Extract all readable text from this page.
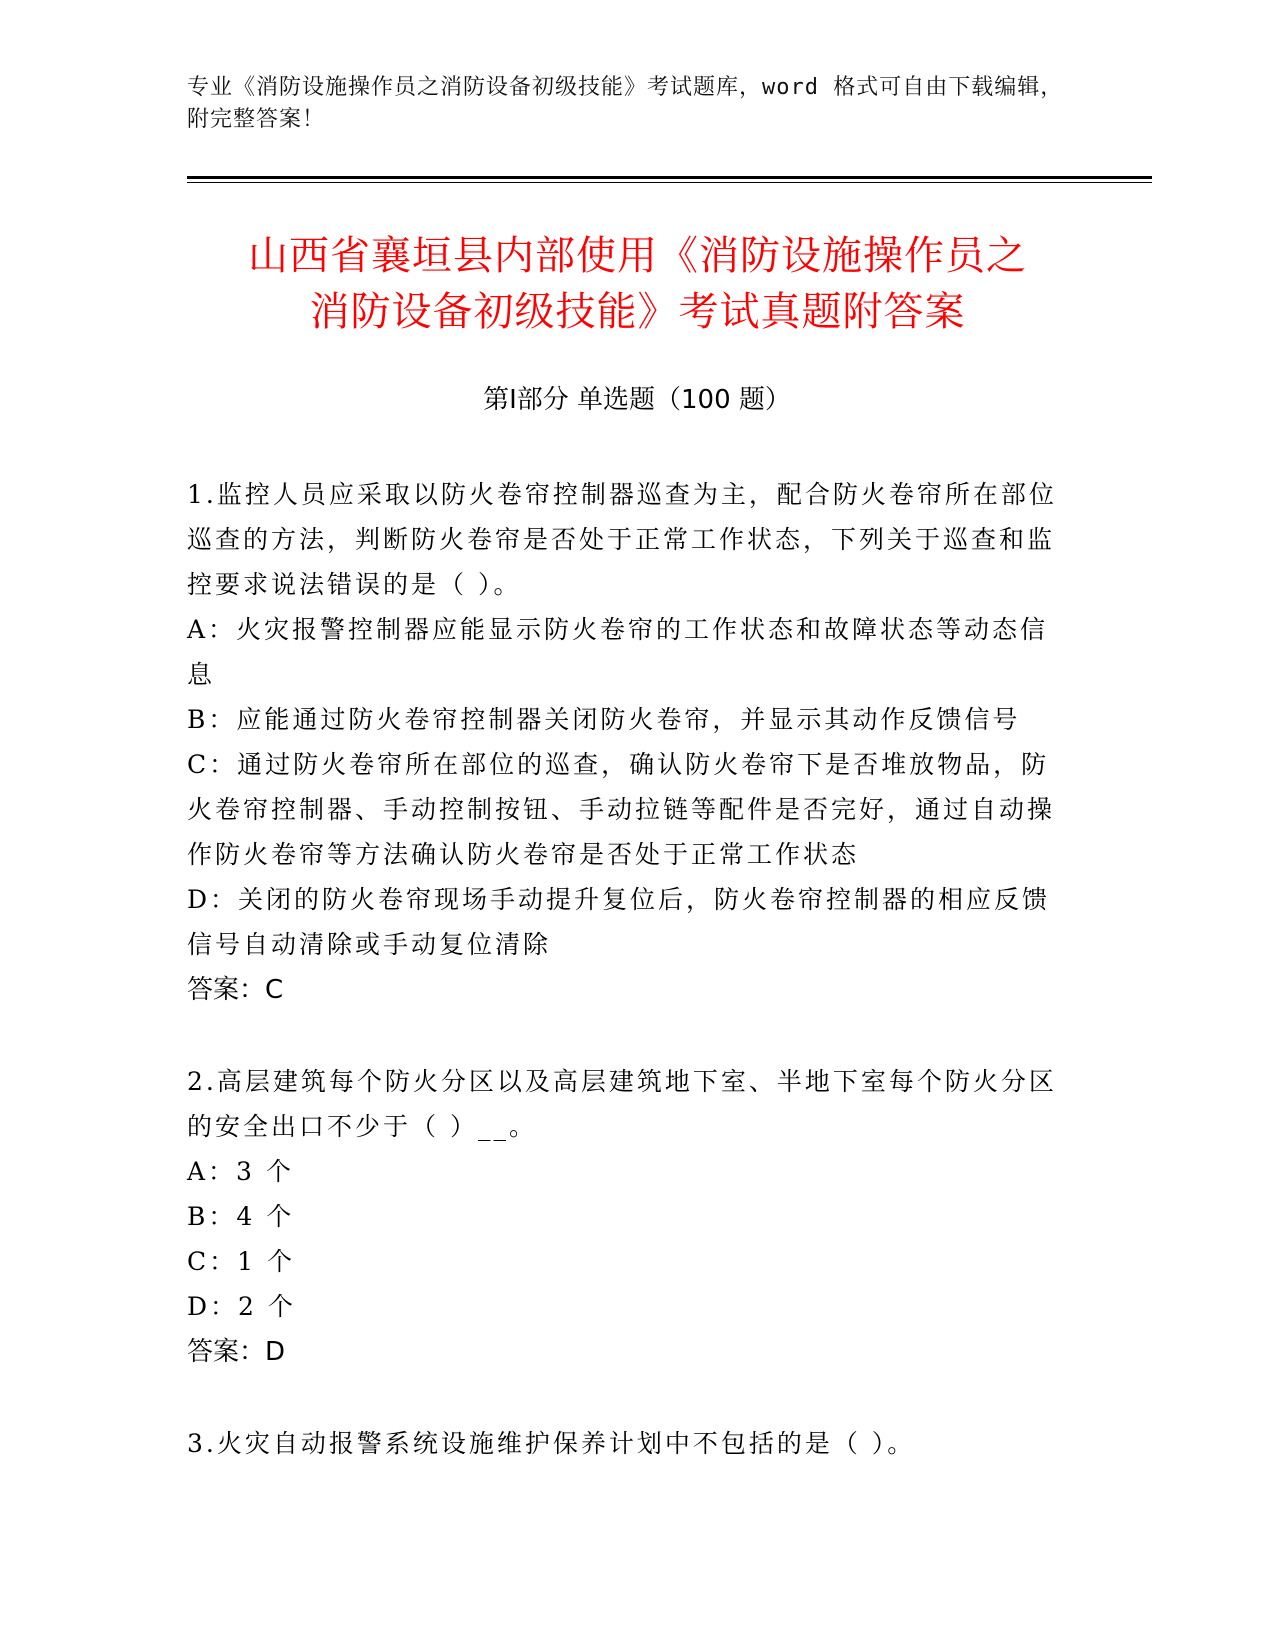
专业《消防设施操作员之消防设备初级技能》考试题库，word 格式可自由下载编辑，附完整答案！
山西省襄垣县内部使用《消防设施操作员之
消防设备初级技能》考试真题附答案
第Ⅰ部分 单选题（100 题）

1.监控人员应采取以防火卷帘控制器巡查为主，配合防火卷帘所在部位巡查的方法，判断防火卷帘是否处于正常工作状态，下列关于巡查和监控要求说法错误的是（ ）。

A：火灾报警控制器应能显示防火卷帘的工作状态和故障状态等动态信息

B：应能通过防火卷帘控制器关闭防火卷帘，并显示其动作反馈信号

C：通过防火卷帘所在部位的巡查，确认防火卷帘下是否堆放物品，防火卷帘控制器、手动控制按钮、手动拉链等配件是否完好，通过自动操作防火卷帘等方法确认防火卷帘是否处于正常工作状态

D：关闭的防火卷帘现场手动提升复位后，防火卷帘控制器的相应反馈信号自动清除或手动复位清除

答案：C

2.高层建筑每个防火分区以及高层建筑地下室、半地下室每个防火分区的安全出口不少于（ ）__。

A：3 个

B：4 个

C：1 个

D：2 个

答案：D

3.火灾自动报警系统设施维护保养计划中不包括的是（ ）。
